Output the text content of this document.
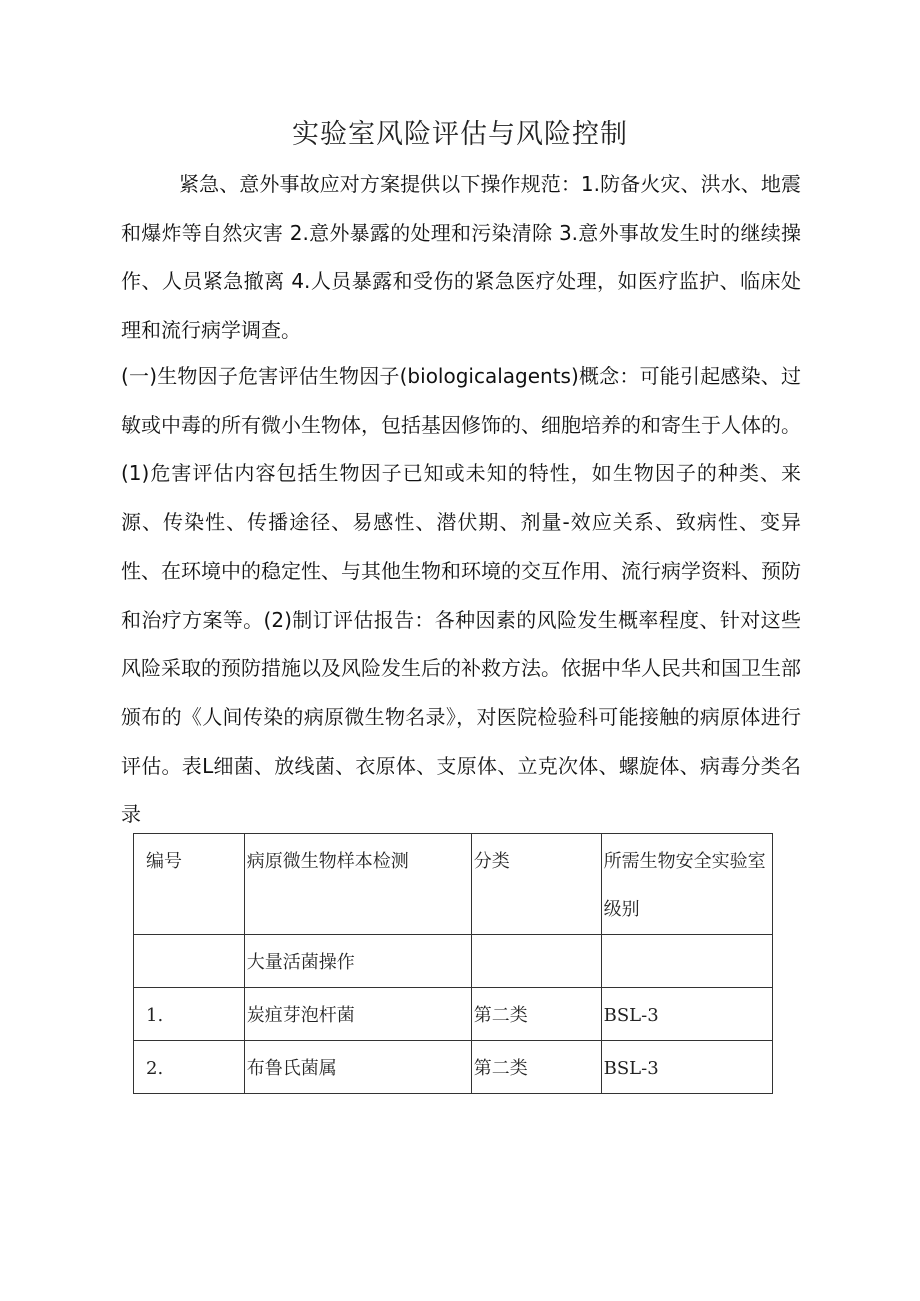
实验室风险评估与风险控制

紧急、意外事故应对方案提供以下操作规范：1.防备火灾、洪水、地震和爆炸等自然灾害 2.意外暴露的处理和污染清除 3.意外事故发生时的继续操作、人员紧急撤离 4.人员暴露和受伤的紧急医疗处理，如医疗监护、临床处理和流行病学调查。

(一)生物因子危害评估生物因子(biologicalagents)概念：可能引起感染、过敏或中毒的所有微小生物体，包括基因修饰的、细胞培养的和寄生于人体的。(1)危害评估内容包括生物因子已知或未知的特性，如生物因子的种类、来源、传染性、传播途径、易感性、潜伏期、剂量-效应关系、致病性、变异性、在环境中的稳定性、与其他生物和环境的交互作用、流行病学资料、预防和治疗方案等。(2)制订评估报告：各种因素的风险发生概率程度、针对这些风险采取的预防措施以及风险发生后的补救方法。依据中华人民共和国卫生部颁布的《人间传染的病原微生物名录》，对医院检验科可能接触的病原体进行评估。表L细菌、放线菌、衣原体、支原体、立克次体、螺旋体、病毒分类名录

编号	病原微生物样本检测	分类	所需生物安全实验室级别
	大量活菌操作		
1.	炭疽芽泡杆菌	第二类	BSL-3
2.	布鲁氏菌属	第二类	BSL-3
